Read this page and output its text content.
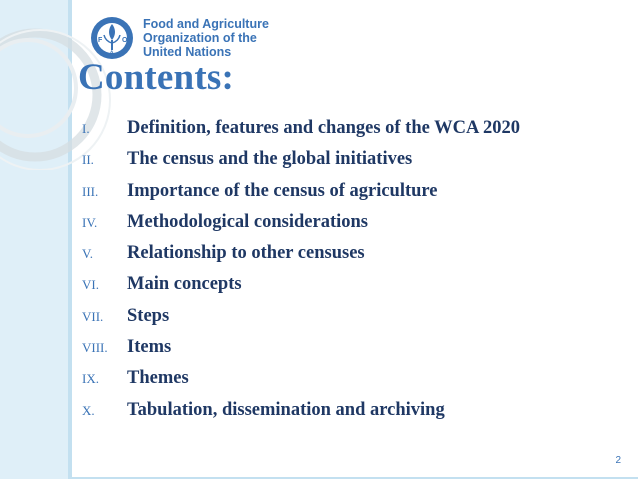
F	O
A
Food and Agriculture
Organization of the
United Nations
Contents:
I.	Definition, features and changes of the WCA 2020
II.	The census and the global initiatives
III.	Importance of the census of agriculture
IV.	Methodological considerations
V.	Relationship to other censuses
VI.	Main concepts
VII.	Steps
VIII.	Items
IX.	Themes
X.	Tabulation, dissemination and archiving
2
